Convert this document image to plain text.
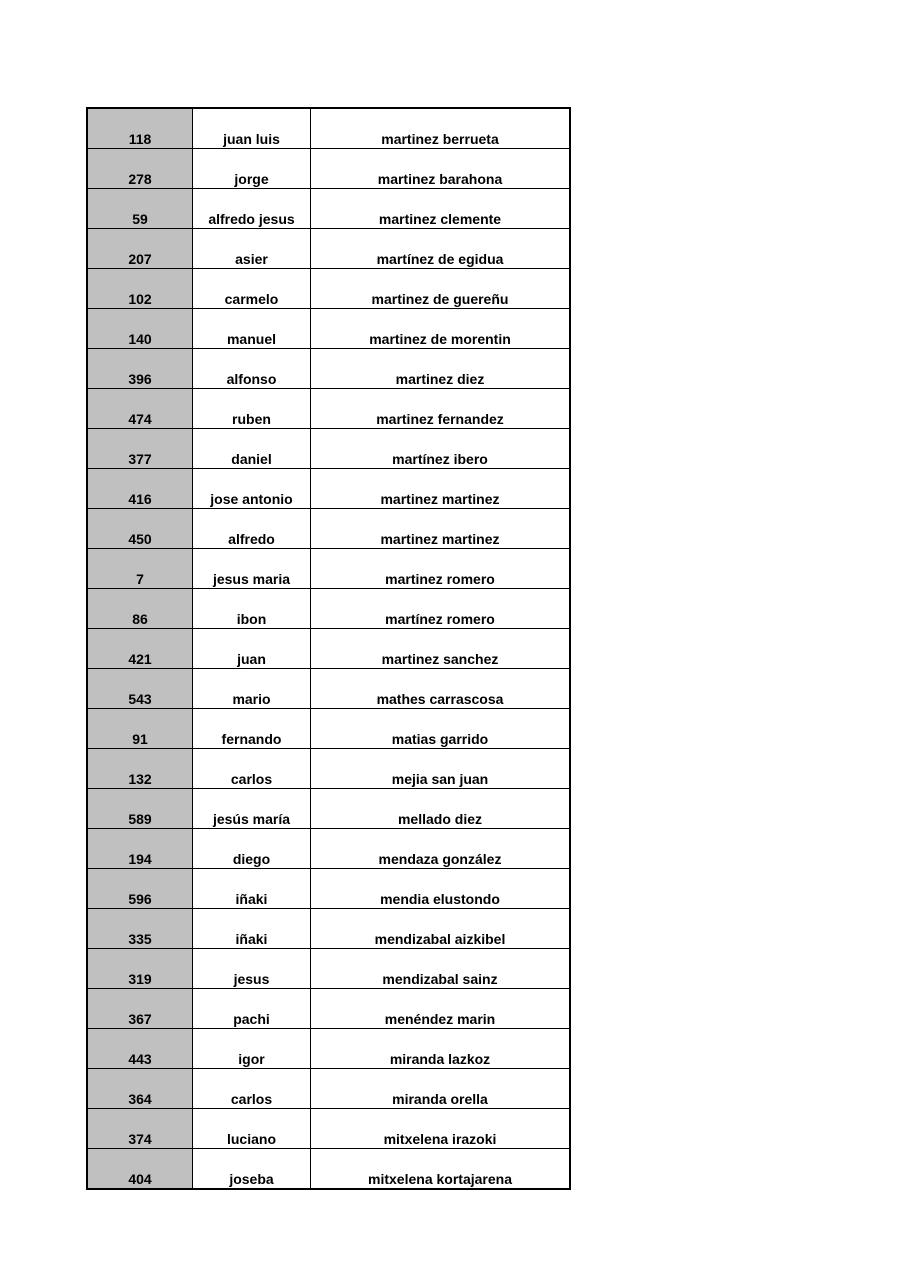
118	juan luis	martinez berrueta
278	jorge	martinez barahona
59	alfredo jesus	martinez clemente
207	asier	martínez de egidua
102	carmelo	martinez de guereñu
140	manuel	martinez de morentin
396	alfonso	martinez diez
474	ruben	martinez fernandez
377	daniel	martínez ibero
416	jose antonio	martinez martinez
450	alfredo	martinez martinez
7	jesus maria	martinez romero
86	ibon	martínez romero
421	juan	martinez sanchez
543	mario	mathes carrascosa
91	fernando	matias garrido
132	carlos	mejia san juan
589	jesús maría	mellado diez
194	diego	mendaza gonzález
596	iñaki	mendia elustondo
335	iñaki	mendizabal aizkibel
319	jesus	mendizabal sainz
367	pachi	menéndez marin
443	igor	miranda lazkoz
364	carlos	miranda orella
374	luciano	mitxelena irazoki
404	joseba	mitxelena kortajarena
